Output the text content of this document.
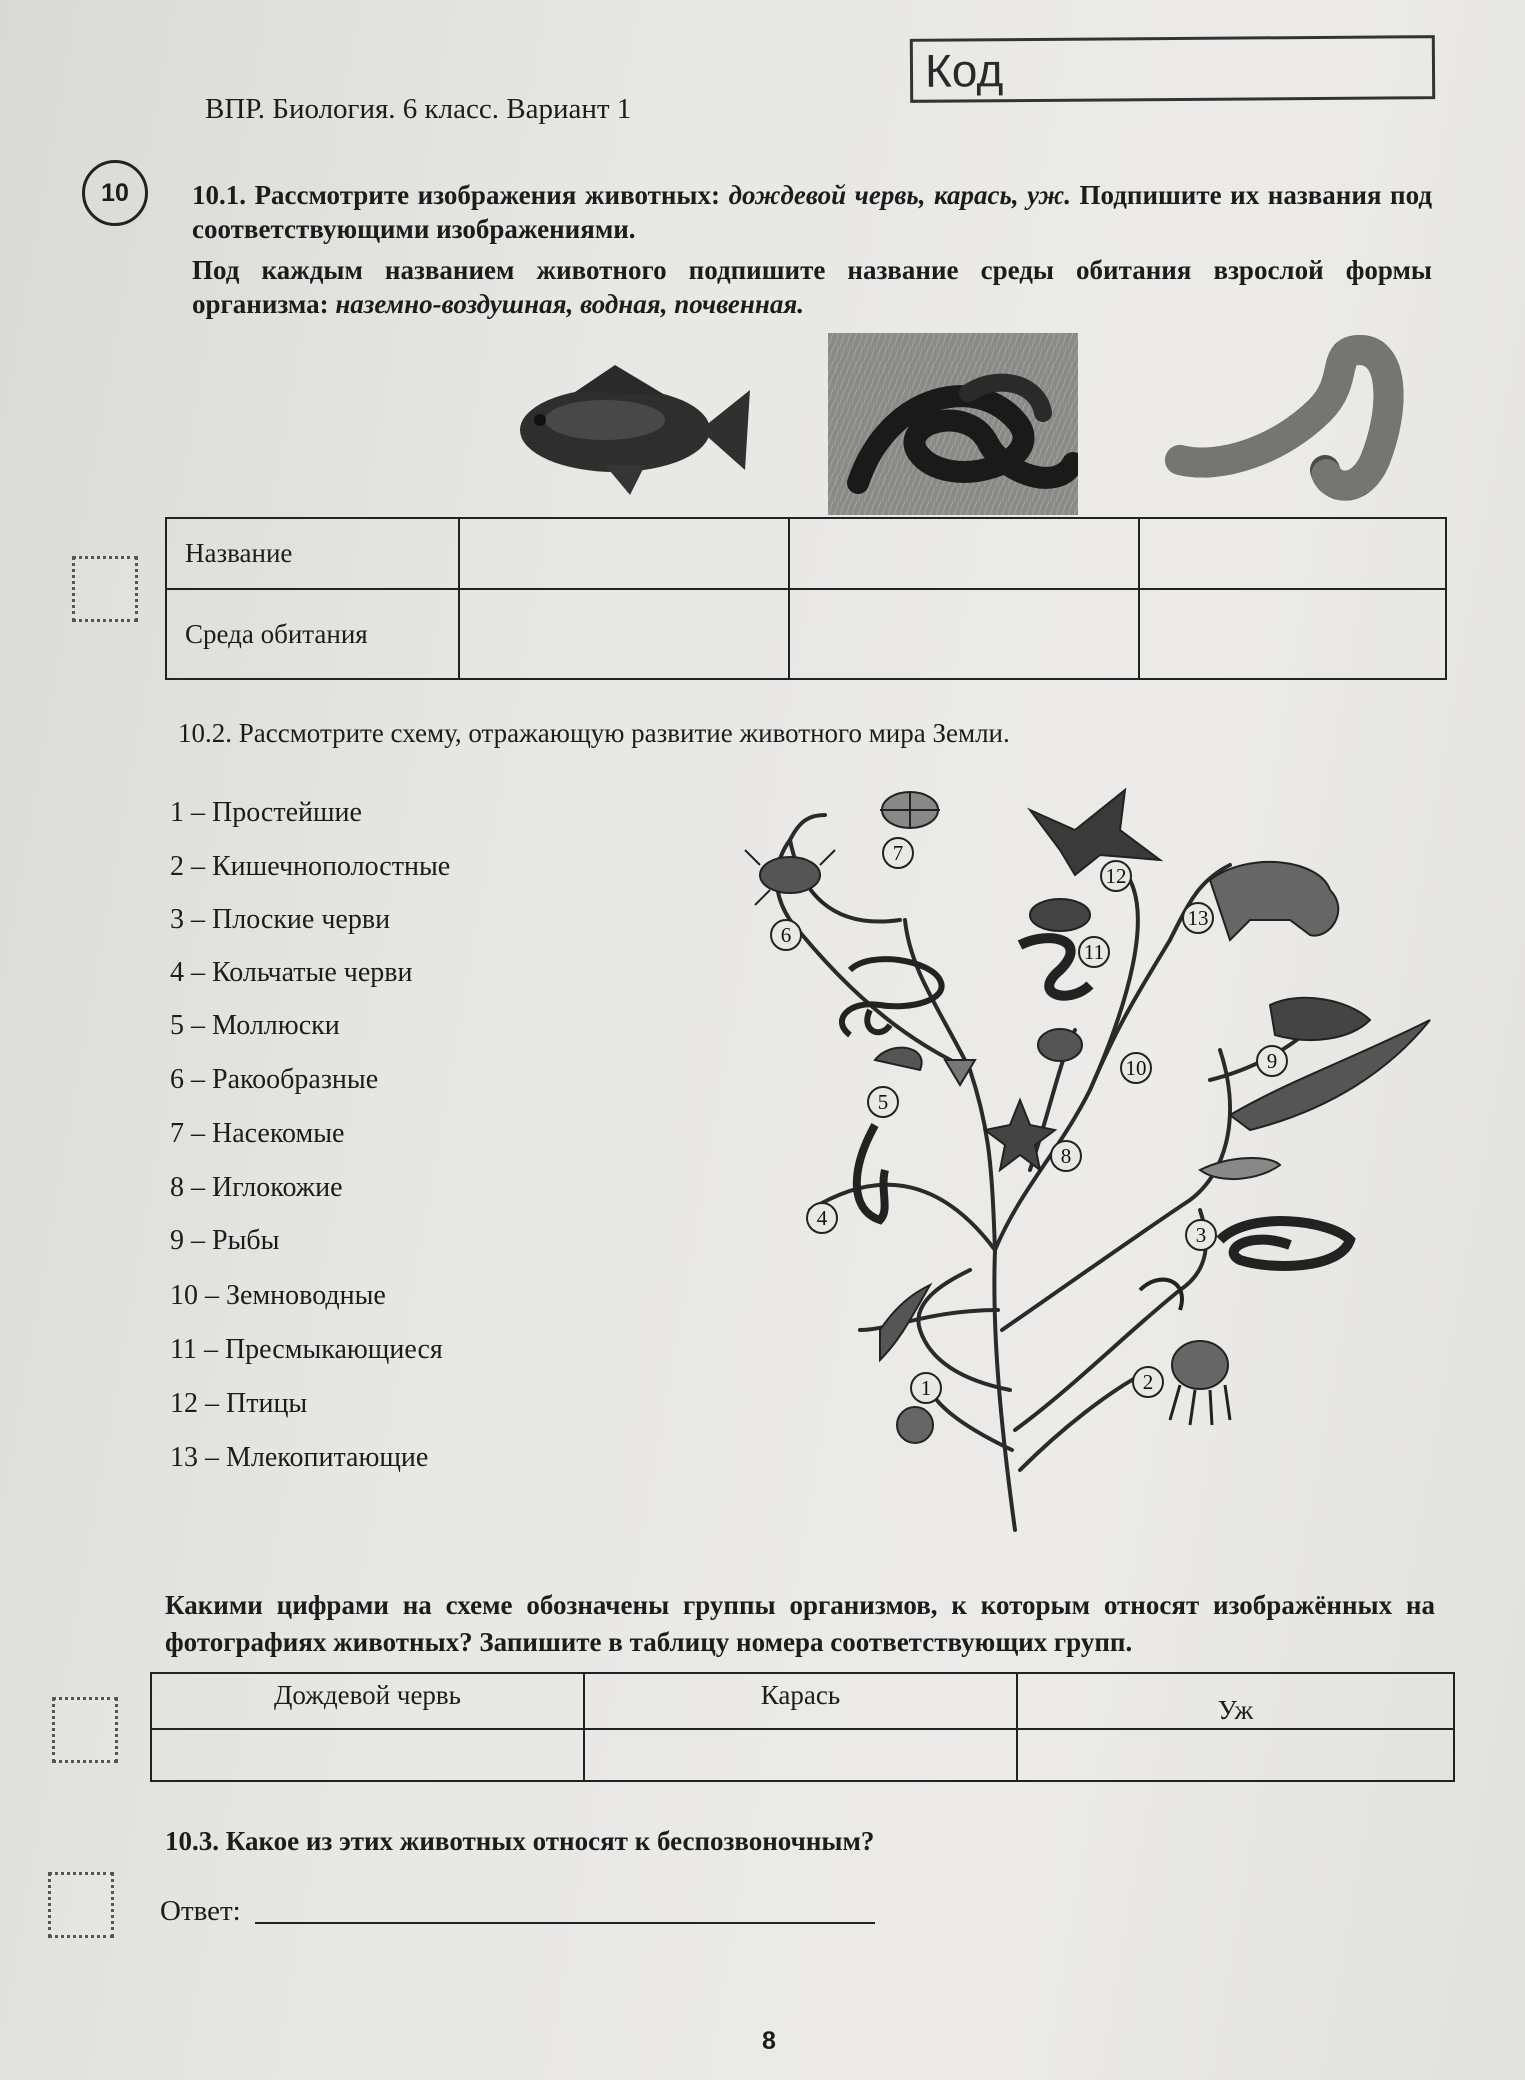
ВПР. Биология. 6 класс. Вариант 1
Код
10	10.1. Рассмотрите изображения животных: дождевой червь, карась, уж. Подпишите их названия под соответствующими изображениями.
Под каждым названием животного подпишите название среды обитания взрослой формы организма: наземно-воздушная, водная, почвенная.
Название			
Среда обитания			
10.2. Рассмотрите схему, отражающую развитие животного мира Земли.
1 – Простейшие
2 – Кишечнополостные
3 – Плоские черви
4 – Кольчатые черви
5 – Моллюски
6 – Ракообразные
7 – Насекомые
8 – Иглокожие
9 – Рыбы
10 – Земноводные
11 – Пресмыкающиеся
12 – Птицы
13 – Млекопитающие
1	2
3
4
5
6
7
8
9
10
11
12
13
Какими цифрами на схеме обозначены группы организмов, к которым относят изображённых на фотографиях животных? Запишите в таблицу номера соответствующих групп.
Дождевой червь	Карась	Уж

10.3. Какое из этих животных относят к беспозвоночным?
Ответ:
8
